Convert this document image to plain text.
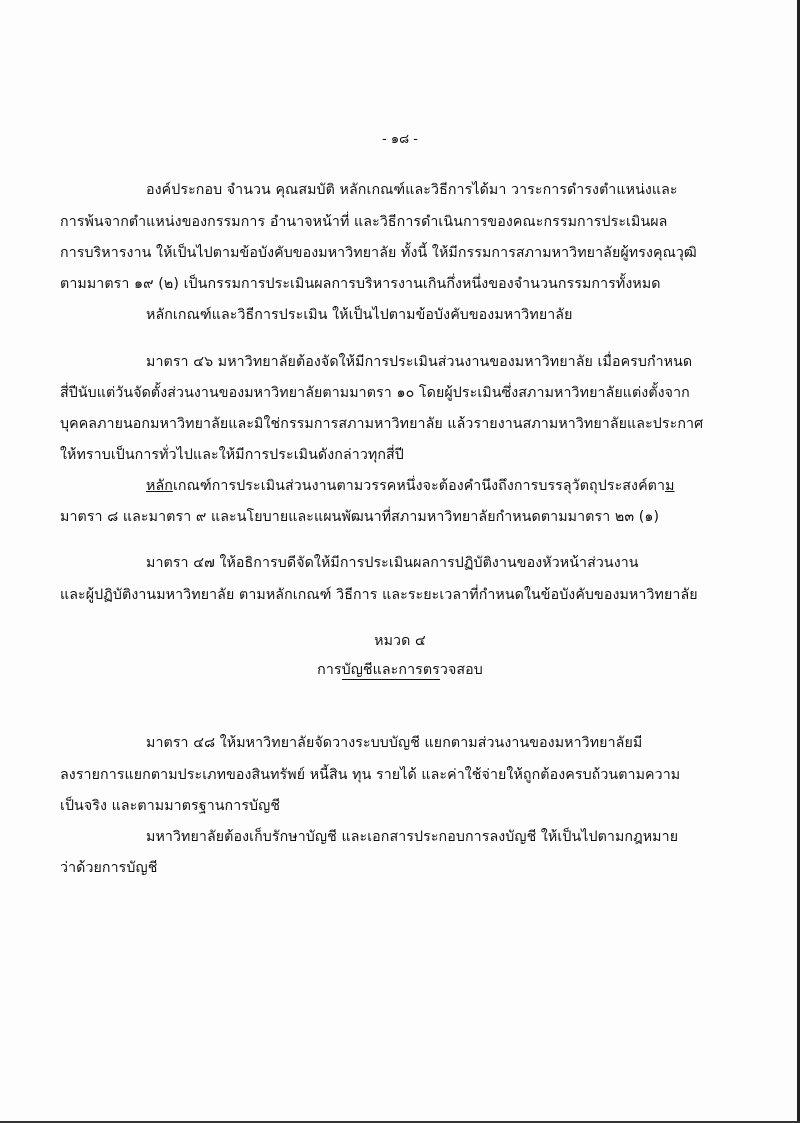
- ๑๘ -
องค์ประกอบ จำนวน คุณสมบัติ หลักเกณฑ์และวิธีการได้มา วาระการดำรงตำแหน่งและ
การพ้นจากตำแหน่งของกรรมการ อำนาจหน้าที่ และวิธีการดำเนินการของคณะกรรมการประเมินผล
การบริหารงาน ให้เป็นไปตามข้อบังคับของมหาวิทยาลัย ทั้งนี้ ให้มีกรรมการสภามหาวิทยาลัยผู้ทรงคุณวุฒิ
ตามมาตรา ๑๙ (๒) เป็นกรรมการประเมินผลการบริหารงานเกินกึ่งหนึ่งของจำนวนกรรมการทั้งหมด
หลักเกณฑ์และวิธีการประเมิน ให้เป็นไปตามข้อบังคับของมหาวิทยาลัย
มาตรา ๔๖ มหาวิทยาลัยต้องจัดให้มีการประเมินส่วนงานของมหาวิทยาลัย เมื่อครบกำหนด
สี่ปีนับแต่วันจัดตั้งส่วนงานของมหาวิทยาลัยตามมาตรา ๑๐ โดยผู้ประเมินซึ่งสภามหาวิทยาลัยแต่งตั้งจาก
บุคคลภายนอกมหาวิทยาลัยและมิใช่กรรมการสภามหาวิทยาลัย แล้วรายงานสภามหาวิทยาลัยและประกาศ
ให้ทราบเป็นการทั่วไปและให้มีการประเมินดังกล่าวทุกสี่ปี
หลักเกณฑ์การประเมินส่วนงานตามวรรคหนึ่งจะต้องคำนึงถึงการบรรลุวัตถุประสงค์ตาม
มาตรา ๘ และมาตรา ๙ และนโยบายและแผนพัฒนาที่สภามหาวิทยาลัยกำหนดตามมาตรา ๒๓ (๑)
มาตรา ๔๗ ให้อธิการบดีจัดให้มีการประเมินผลการปฏิบัติงานของหัวหน้าส่วนงาน
และผู้ปฏิบัติงานมหาวิทยาลัย ตามหลักเกณฑ์ วิธีการ และระยะเวลาที่กำหนดในข้อบังคับของมหาวิทยาลัย
หมวด ๔
การบัญชีและการตรวจสอบ
มาตรา ๔๘ ให้มหาวิทยาลัยจัดวางระบบบัญชี แยกตามส่วนงานของมหาวิทยาลัยมี
ลงรายการแยกตามประเภทของสินทรัพย์ หนี้สิน ทุน รายได้ และค่าใช้จ่ายให้ถูกต้องครบถ้วนตามความ
เป็นจริง และตามมาตรฐานการบัญชี
มหาวิทยาลัยต้องเก็บรักษาบัญชี และเอกสารประกอบการลงบัญชี ให้เป็นไปตามกฎหมาย
ว่าด้วยการบัญชี
